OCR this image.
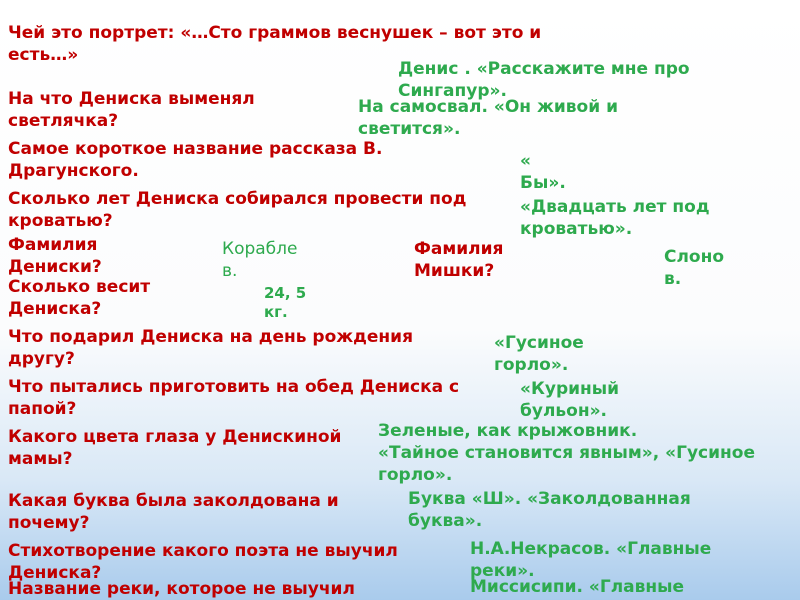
Чей это портрет: «…Сто граммов веснушек – вот это и
есть…»

На что Дениска выменял
светлячка?

Самое короткое название рассказа В.
Драгунского.

Сколько лет Дениска собирался провести под
кроватью?

Фамилия
Дениски?

Фамилия
Мишки?

Сколько весит
Дениска?

Что подарил Дениска на день рождения
другу?

Что пытались приготовить на обед Дениска с
папой?

Какого цвета глаза у Денискиной
мамы?

Какая буква была заколдована и
почему?

Стихотворение какого поэта не выучил
Дениска?

Название реки, которое не выучил

Денис . «Расскажите мне про
Сингапур».

На самосвал. «Он живой и
светится».

«
Бы».

«Двадцать лет под
кроватью».

Корабле
в.

Слоно
в.

24, 5
кг.

«Гусиное
горло».

«Куриный
бульон».

Зеленые, как крыжовник.
«Тайное становится явным», «Гусиное
горло».

Буква «Ш». «Заколдованная
буква».

Н.А.Некрасов. «Главные
реки».

Миссисипи. «Главные
